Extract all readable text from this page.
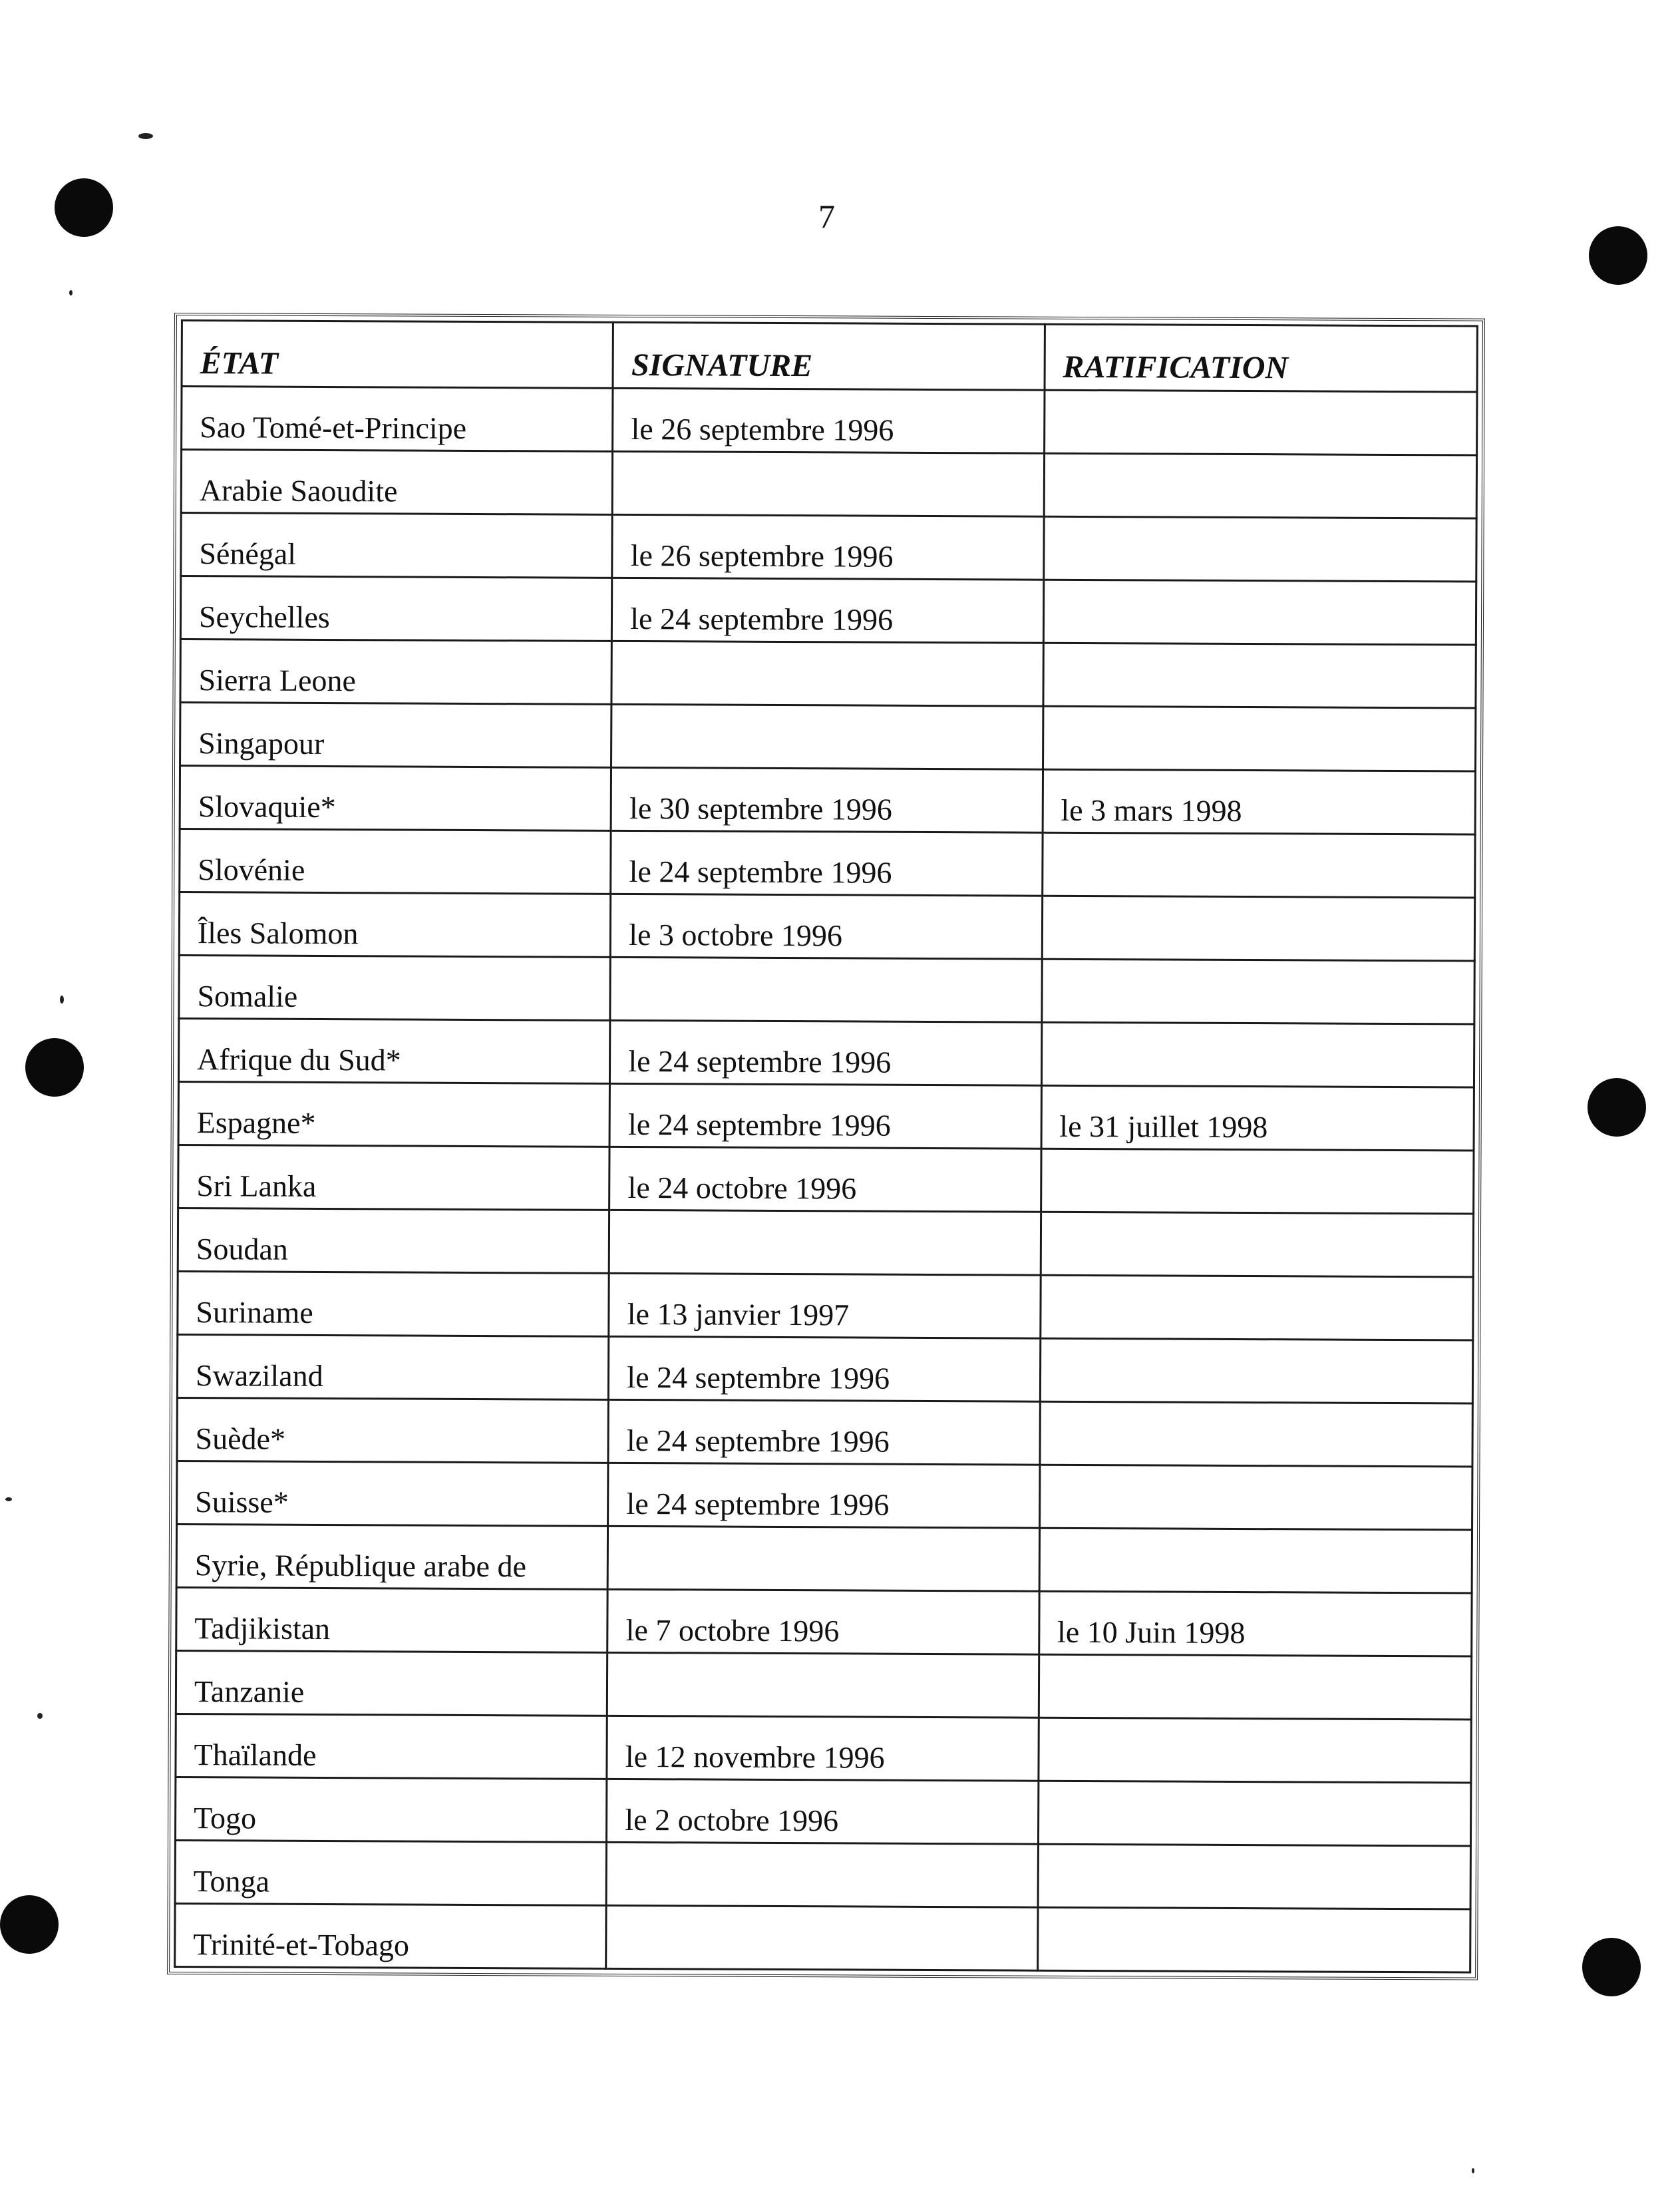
7
ÉTAT	SIGNATURE	RATIFICATION
Sao Tomé-et-Principe	le 26 septembre 1996	
Arabie Saoudite		
Sénégal	le 26 septembre 1996	
Seychelles	le 24 septembre 1996	
Sierra Leone		
Singapour		
Slovaquie*	le 30 septembre 1996	le 3 mars 1998
Slovénie	le 24 septembre 1996	
Îles Salomon	le 3 octobre 1996	
Somalie		
Afrique du Sud*	le 24 septembre 1996	
Espagne*	le 24 septembre 1996	le 31 juillet 1998
Sri Lanka	le 24 octobre 1996	
Soudan		
Suriname	le 13 janvier 1997	
Swaziland	le 24 septembre 1996	
Suède*	le 24 septembre 1996	
Suisse*	le 24 septembre 1996	
Syrie, République arabe de		
Tadjikistan	le 7 octobre 1996	le 10 Juin 1998
Tanzanie		
Thaïlande	le 12 novembre 1996	
Togo	le 2 octobre 1996	
Tonga		
Trinité-et-Tobago		
